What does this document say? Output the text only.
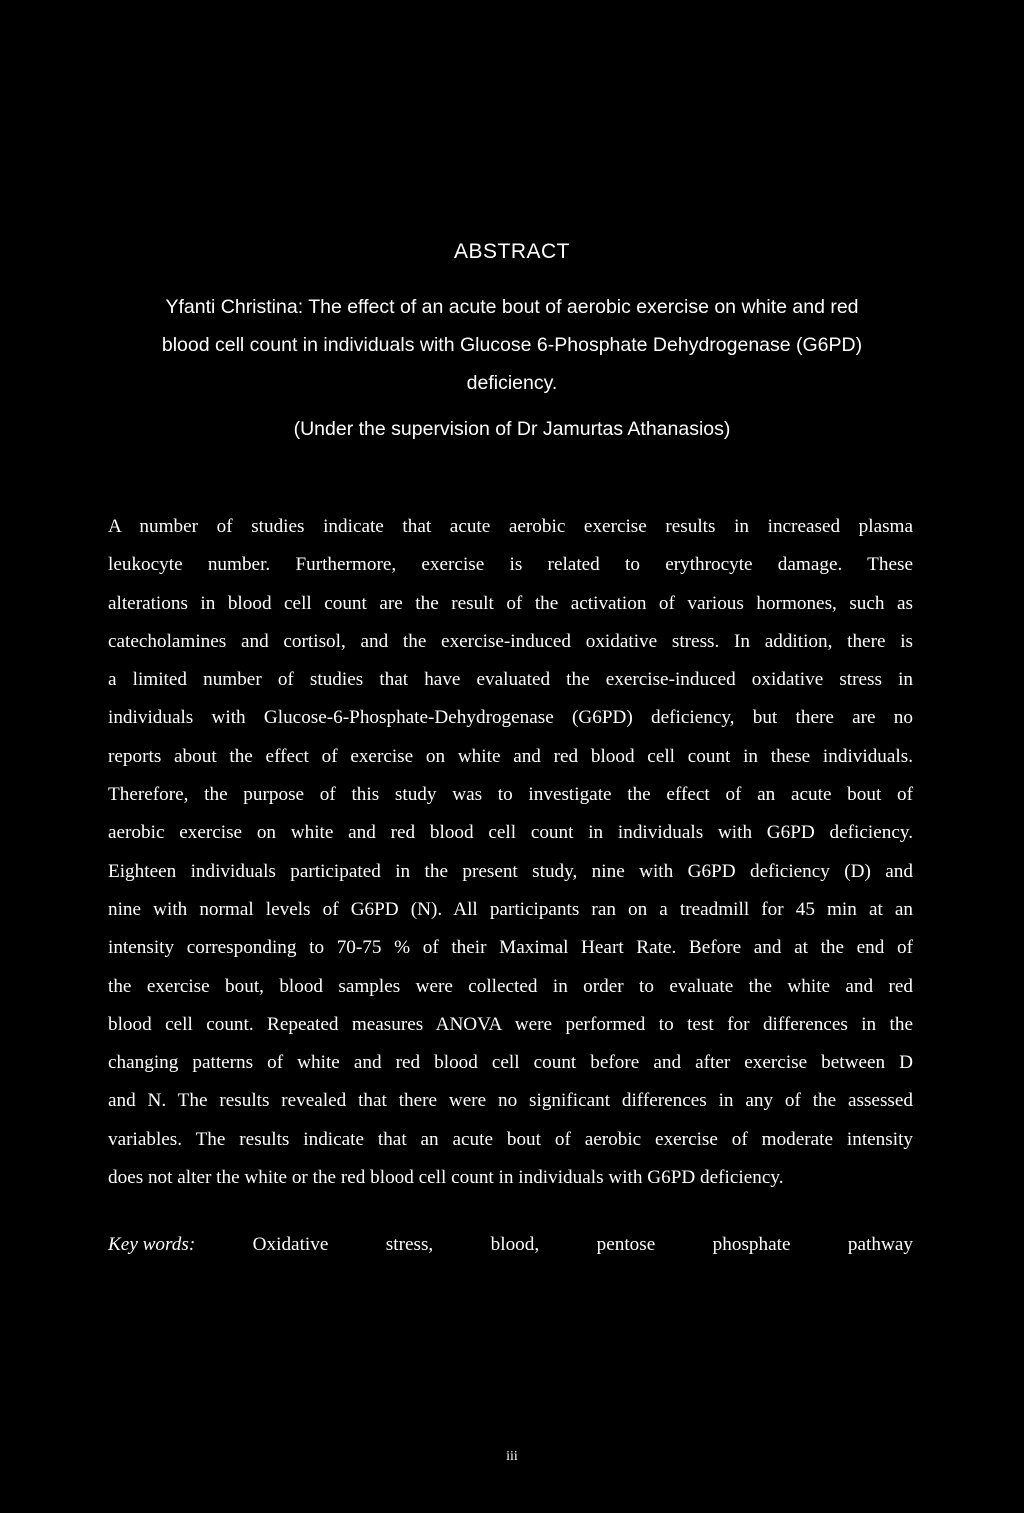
ABSTRACT
Yfanti Christina: The effect of an acute bout of aerobic exercise on white and red
blood cell count in individuals with Glucose 6-Phosphate Dehydrogenase (G6PD)
deficiency.
(Under the supervision of Dr Jamurtas Athanasios)
A number of studies indicate that acute aerobic exercise results in increased plasma
leukocyte number. Furthermore, exercise is related to erythrocyte damage. These
alterations in blood cell count are the result of the activation of various hormones, such as
catecholamines and cortisol, and the exercise-induced oxidative stress. In addition, there is
a limited number of studies that have evaluated the exercise-induced oxidative stress in
individuals with Glucose-6-Phosphate-Dehydrogenase (G6PD) deficiency, but there are no
reports about the effect of exercise on white and red blood cell count in these individuals.
Therefore, the purpose of this study was to investigate the effect of an acute bout of
aerobic exercise on white and red blood cell count in individuals with G6PD deficiency.
Eighteen individuals participated in the present study, nine with G6PD deficiency (D) and
nine with normal levels of G6PD (N). All participants ran on a treadmill for 45 min at an
intensity corresponding to 70-75 % of their Maximal Heart Rate. Before and at the end of
the exercise bout, blood samples were collected in order to evaluate the white and red
blood cell count. Repeated measures ANOVA were performed to test for differences in the
changing patterns of white and red blood cell count before and after exercise between D
and N. The results revealed that there were no significant differences in any of the assessed
variables. The results indicate that an acute bout of aerobic exercise of moderate intensity
does not alter the white or the red blood cell count in individuals with G6PD deficiency.
Key words:	Oxidative	stress,	blood,	pentose	phosphate	pathway
iii
